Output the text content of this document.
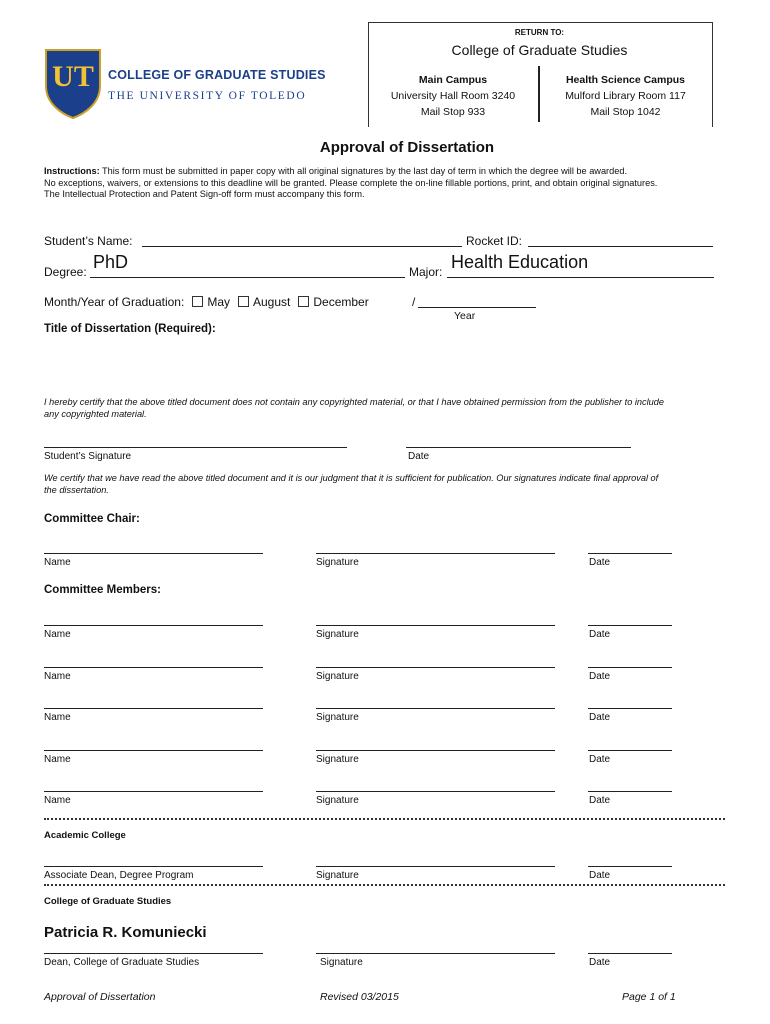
UT COLLEGE OF GRADUATE STUDIES
THE UNIVERSITY OF TOLEDO
RETURN TO:
College of Graduate Studies
Main Campus
University Hall Room 3240
Mail Stop 933
Health Science Campus
Mulford Library Room 117
Mail Stop 1042
Approval of Dissertation
Instructions: This form must be submitted in paper copy with all original signatures by the last day of term in which the degree will be awarded.
No exceptions, waivers, or extensions to this deadline will be granted. Please complete the on-line fillable portions, print, and obtain original signatures.
The Intellectual Protection and Patent Sign-off form must accompany this form.
Student’s Name:	Rocket ID:
Degree: PhD	Major: Health Education
Month/Year of Graduation: May August December	/
Year
Title of Dissertation (Required):
I hereby certify that the above titled document does not contain any copyrighted material, or that I have obtained permission from the publisher to include
any copyrighted material.
Student’s Signature	Date
We certify that we have read the above titled document and it is our judgment that it is sufficient for publication. Our signatures indicate final approval of
the dissertation.
Committee Chair:
Name	Signature	Date
Committee Members:
Name	Signature	Date
Name	Signature	Date
Name	Signature	Date
Name	Signature	Date
Name	Signature	Date
Academic College
Associate Dean, Degree Program	Signature	Date
College of Graduate Studies
Patricia R. Komuniecki
Dean, College of Graduate Studies	Signature	Date
Approval of Dissertation	Revised 03/2015	Page 1 of 1
